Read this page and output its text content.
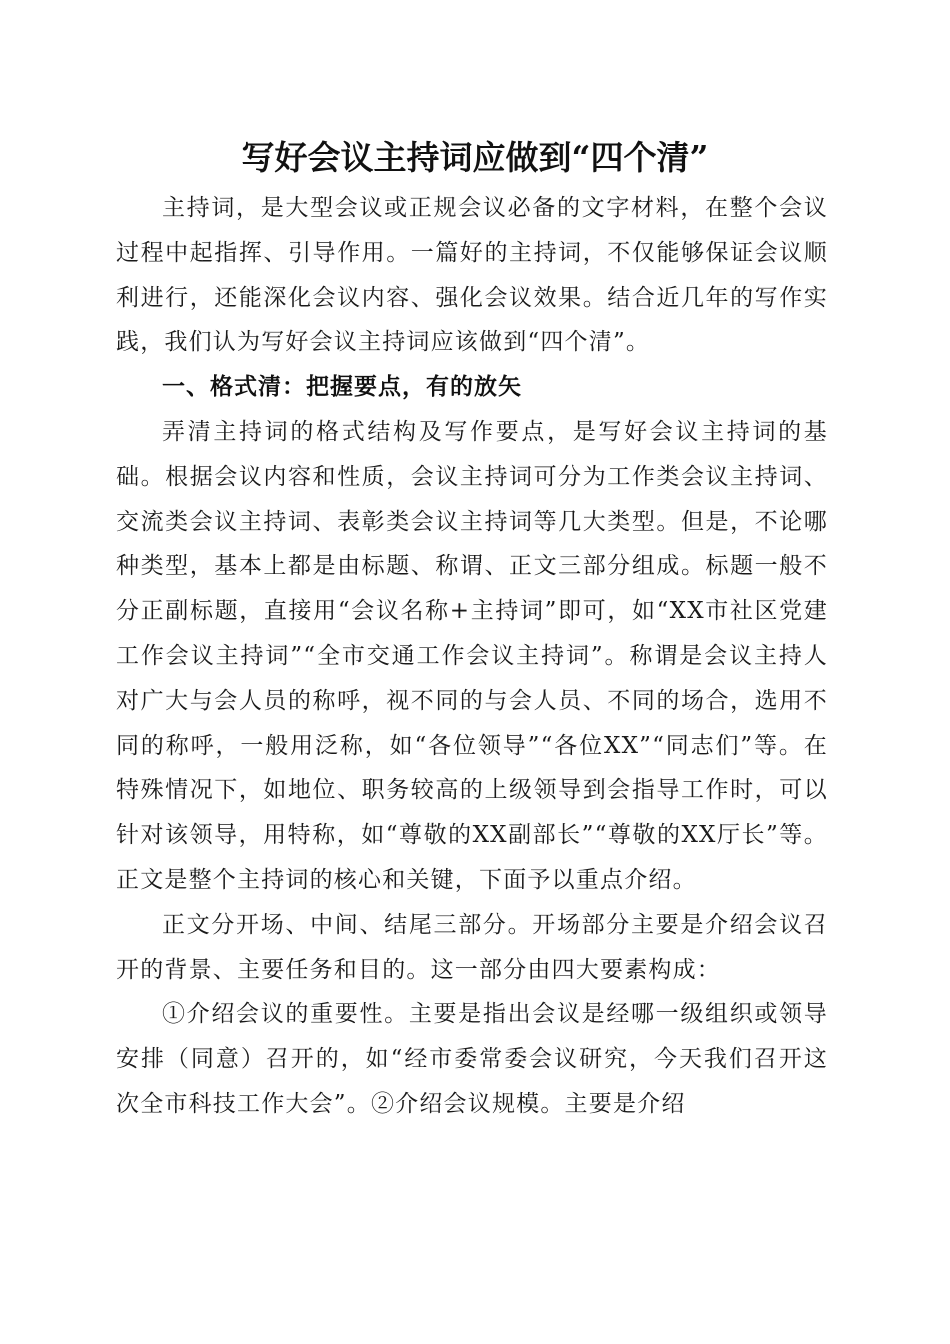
写好会议主持词应做到“四个清”

主持词，是大型会议或正规会议必备的文字材料，在整个会议过程中起指挥、引导作用。一篇好的主持词，不仅能够保证会议顺利进行，还能深化会议内容、强化会议效果。结合近几年的写作实践，我们认为写好会议主持词应该做到“四个清”。

一、格式清：把握要点，有的放矢

弄清主持词的格式结构及写作要点，是写好会议主持词的基础。根据会议内容和性质，会议主持词可分为工作类会议主持词、交流类会议主持词、表彰类会议主持词等几大类型。但是，不论哪种类型，基本上都是由标题、称谓、正文三部分组成。标题一般不分正副标题，直接用“会议名称+主持词”即可，如“XX市社区党建工作会议主持词”“全市交通工作会议主持词”。称谓是会议主持人对广大与会人员的称呼，视不同的与会人员、不同的场合，选用不同的称呼，一般用泛称，如“各位领导”“各位XX”“同志们”等。在特殊情况下，如地位、职务较高的上级领导到会指导工作时，可以针对该领导，用特称，如“尊敬的XX副部长”“尊敬的XX厅长”等。正文是整个主持词的核心和关键，下面予以重点介绍。

正文分开场、中间、结尾三部分。开场部分主要是介绍会议召开的背景、主要任务和目的。这一部分由四大要素构成：

①介绍会议的重要性。主要是指出会议是经哪一级组织或领导安排（同意）召开的，如“经市委常委会议研究，今天我们召开这次全市科技工作大会”。②介绍会议规模。主要是介绍
